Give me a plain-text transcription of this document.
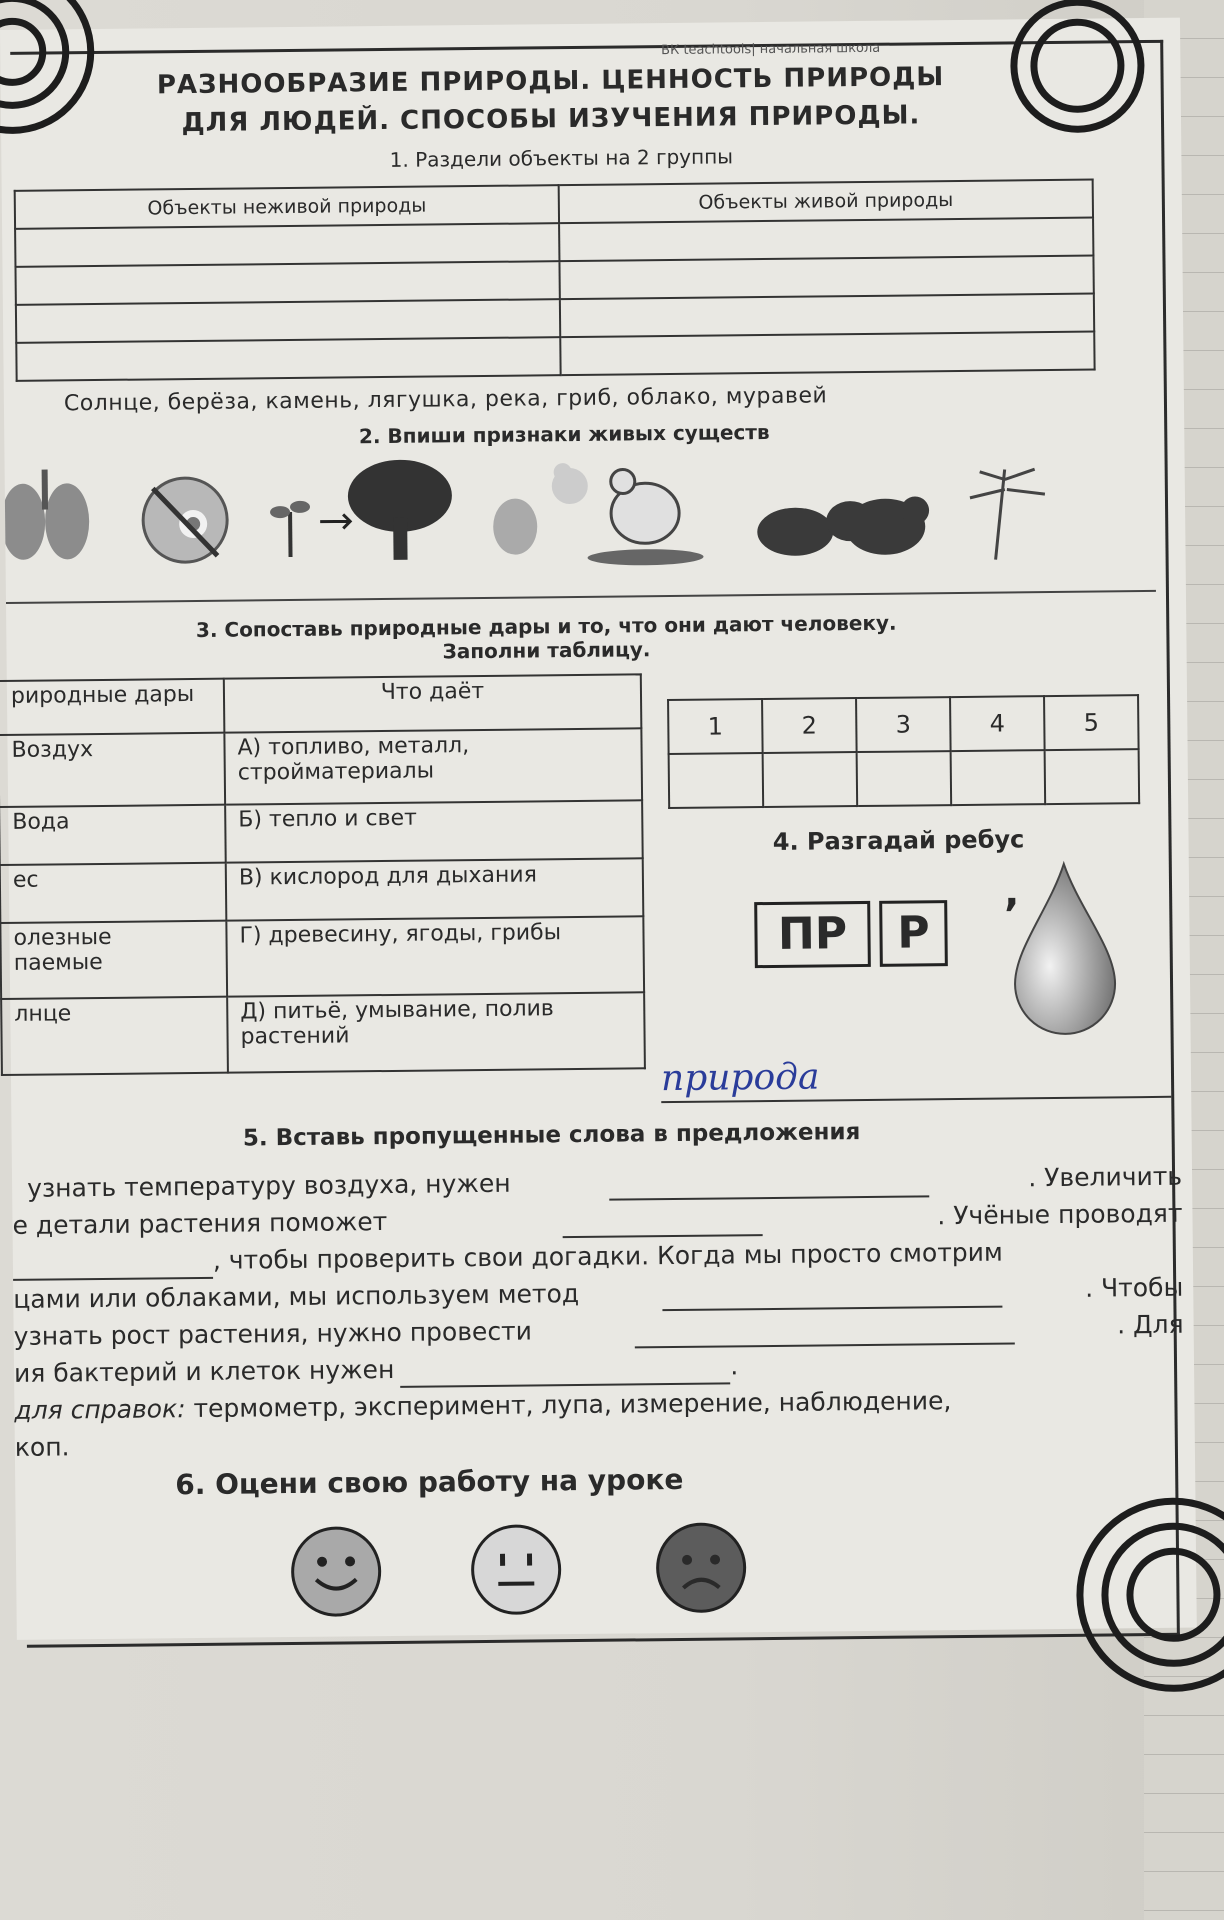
ВК teachtools| начальная школа
РАЗНООБРАЗИЕ ПРИРОДЫ. ЦЕННОСТЬ ПРИРОДЫ
ДЛЯ ЛЮДЕЙ. СПОСОБЫ ИЗУЧЕНИЯ ПРИРОДЫ.
1. Раздели объекты на 2 группы
Объекты неживой природы	Объекты живой природы

Солнце, берёза, камень, лягушка, река, гриб, облако, муравей
2. Впиши признаки живых существ
3. Сопоставь природные дары и то, что они дают человеку.
Заполни таблицу.
риродные дары	Что даёт
Воздух	А) топливо, металл, стройматериалы
Вода	Б) тепло и свет
ес	В) кислород для дыхания
олезные
паемые	Г) древесину, ягоды, грибы
лнце	Д) питьё, умывание, полив растений
1	2	3	4	5

4. Разгадай ребус
ПР	Р
,
природа
5. Вставь пропущенные слова в предложения
узнать температуру воздуха, нужен	. Увеличить
е детали растения поможет	. Учёные проводят
, чтобы проверить свои догадки. Когда мы просто смотрим
цами или облаками, мы используем метод	. Чтобы
узнать рост растения, нужно провести	. Для
ия бактерий и клеток нужен	.
для справок: термометр, эксперимент, лупа, измерение, наблюдение,
коп.
6. Оцени свою работу на уроке
